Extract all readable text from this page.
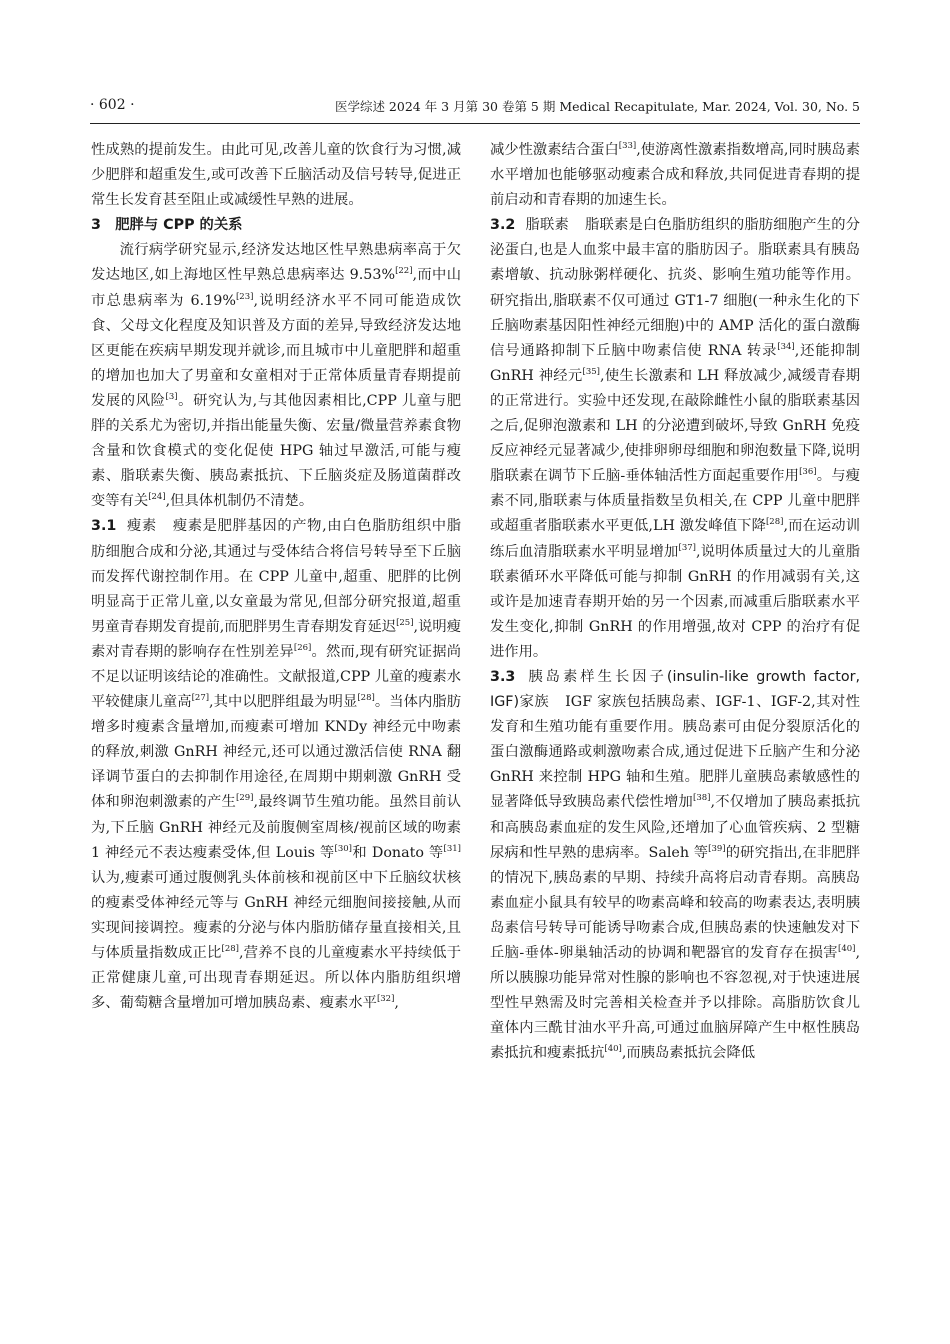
· 602 ·	医学综述 2024 年 3 月第 30 卷第 5 期 Medical Recapitulate, Mar. 2024, Vol. 30, No. 5

性成熟的提前发生。由此可见,改善儿童的饮食行为习惯,减少肥胖和超重发生,或可改善下丘脑活动及信号转导,促进正常生长发育甚至阻止或减缓性早熟的进展。

3　肥胖与 CPP 的关系

流行病学研究显示,经济发达地区性早熟患病率高于欠发达地区,如上海地区性早熟总患病率达 9.53%[22],而中山市总患病率为 6.19%[23],说明经济水平不同可能造成饮食、父母文化程度及知识普及方面的差异,导致经济发达地区更能在疾病早期发现并就诊,而且城市中儿童肥胖和超重的增加也加大了男童和女童相对于正常体质量青春期提前发展的风险[3]。研究认为,与其他因素相比,CPP 儿童与肥胖的关系尤为密切,并指出能量失衡、宏量/微量营养素食物含量和饮食模式的变化促使 HPG 轴过早激活,可能与瘦素、脂联素失衡、胰岛素抵抗、下丘脑炎症及肠道菌群改变等有关[24],但具体机制仍不清楚。

3.1 瘦素 瘦素是肥胖基因的产物,由白色脂肪组织中脂肪细胞合成和分泌,其通过与受体结合将信号转导至下丘脑而发挥代谢控制作用。在 CPP 儿童中,超重、肥胖的比例明显高于正常儿童,以女童最为常见,但部分研究报道,超重男童青春期发育提前,而肥胖男生青春期发育延迟[25],说明瘦素对青春期的影响存在性别差异[26]。然而,现有研究证据尚不足以证明该结论的准确性。文献报道,CPP 儿童的瘦素水平较健康儿童高[27],其中以肥胖组最为明显[28]。当体内脂肪增多时瘦素含量增加,而瘦素可增加 KNDy 神经元中吻素的释放,刺激 GnRH 神经元,还可以通过激活信使 RNA 翻译调节蛋白的去抑制作用途径,在周期中期刺激 GnRH 受体和卵泡刺激素的产生[29],最终调节生殖功能。虽然目前认为,下丘脑 GnRH 神经元及前腹侧室周核/视前区域的吻素 1 神经元不表达瘦素受体,但 Louis 等[30]和 Donato 等[31]认为,瘦素可通过腹侧乳头体前核和视前区中下丘脑纹状核的瘦素受体神经元等与 GnRH 神经元细胞间接接触,从而实现间接调控。瘦素的分泌与体内脂肪储存量直接相关,且与体质量指数成正比[28],营养不良的儿童瘦素水平持续低于正常健康儿童,可出现青春期延迟。所以体内脂肪组织增多、葡萄糖含量增加可增加胰岛素、瘦素水平[32],

减少性激素结合蛋白[33],使游离性激素指数增高,同时胰岛素水平增加也能够驱动瘦素合成和释放,共同促进青春期的提前启动和青春期的加速生长。

3.2 脂联素 脂联素是白色脂肪组织的脂肪细胞产生的分泌蛋白,也是人血浆中最丰富的脂肪因子。脂联素具有胰岛素增敏、抗动脉粥样硬化、抗炎、影响生殖功能等作用。研究指出,脂联素不仅可通过 GT1-7 细胞(一种永生化的下丘脑吻素基因阳性神经元细胞)中的 AMP 活化的蛋白激酶信号通路抑制下丘脑中吻素信使 RNA 转录[34],还能抑制 GnRH 神经元[35],使生长激素和 LH 释放减少,减缓青春期的正常进行。实验中还发现,在敲除雌性小鼠的脂联素基因之后,促卵泡激素和 LH 的分泌遭到破坏,导致 GnRH 免疫反应神经元显著减少,使排卵卵母细胞和卵泡数量下降,说明脂联素在调节下丘脑-垂体轴活性方面起重要作用[36]。与瘦素不同,脂联素与体质量指数呈负相关,在 CPP 儿童中肥胖或超重者脂联素水平更低,LH 激发峰值下降[28],而在运动训练后血清脂联素水平明显增加[37],说明体质量过大的儿童脂联素循环水平降低可能与抑制 GnRH 的作用减弱有关,这或许是加速青春期开始的另一个因素,而减重后脂联素水平发生变化,抑制 GnRH 的作用增强,故对 CPP 的治疗有促进作用。

3.3 胰岛素样生长因子(insulin-like growth factor, IGF)家族 IGF 家族包括胰岛素、IGF-1、IGF-2,其对性发育和生殖功能有重要作用。胰岛素可由促分裂原活化的蛋白激酶通路或刺激吻素合成,通过促进下丘脑产生和分泌 GnRH 来控制 HPG 轴和生殖。肥胖儿童胰岛素敏感性的显著降低导致胰岛素代偿性增加[38],不仅增加了胰岛素抵抗和高胰岛素血症的发生风险,还增加了心血管疾病、2 型糖尿病和性早熟的患病率。Saleh 等[39]的研究指出,在非肥胖的情况下,胰岛素的早期、持续升高将启动青春期。高胰岛素血症小鼠具有较早的吻素高峰和较高的吻素表达,表明胰岛素信号转导可能诱导吻素合成,但胰岛素的快速触发对下丘脑-垂体-卵巢轴活动的协调和靶器官的发育存在损害[40],所以胰腺功能异常对性腺的影响也不容忽视,对于快速进展型性早熟需及时完善相关检查并予以排除。高脂肪饮食儿童体内三酰甘油水平升高,可通过血脑屏障产生中枢性胰岛素抵抗和瘦素抵抗[40],而胰岛素抵抗会降低
